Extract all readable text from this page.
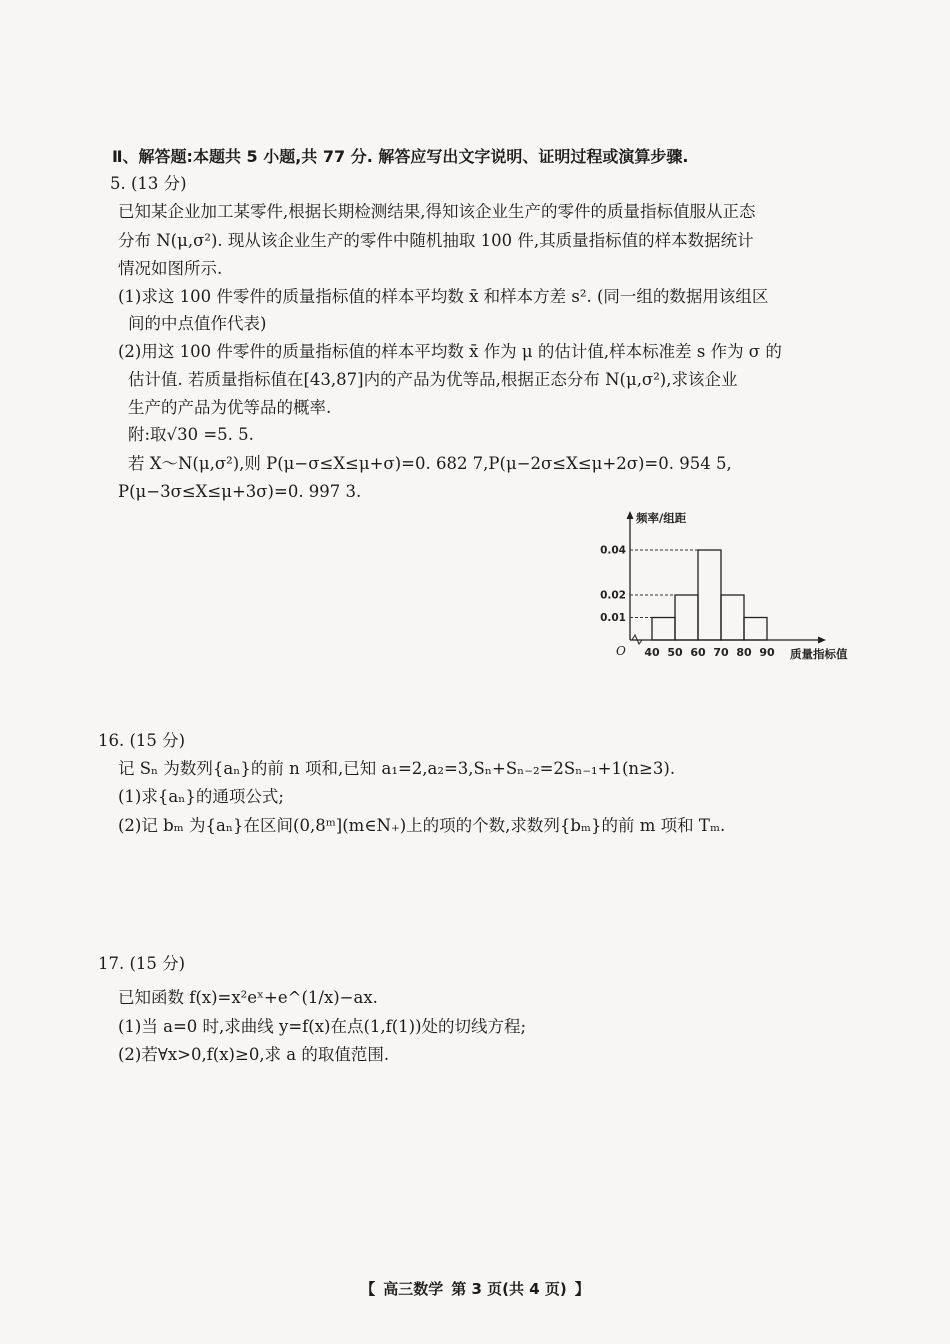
Ⅱ、解答题:本题共 5 小题,共 77 分. 解答应写出文字说明、证明过程或演算步骤.
5. (13 分)
已知某企业加工某零件,根据长期检测结果,得知该企业生产的零件的质量指标值服从正态
分布 N(μ,σ²). 现从该企业生产的零件中随机抽取 100 件,其质量指标值的样本数据统计
情况如图所示.
(1)求这 100 件零件的质量指标值的样本平均数 x̄ 和样本方差 s². (同一组的数据用该组区
间的中点值作代表)
(2)用这 100 件零件的质量指标值的样本平均数 x̄ 作为 μ 的估计值,样本标准差 s 作为 σ 的
估计值. 若质量指标值在[43,87]内的产品为优等品,根据正态分布 N(μ,σ²),求该企业
生产的产品为优等品的概率.
附:取√30 =5. 5.
若 X～N(μ,σ²),则 P(μ−σ≤X≤μ+σ)=0. 682 7,P(μ−2σ≤X≤μ+2σ)=0. 954 5,
P(μ−3σ≤X≤μ+3σ)=0. 997 3.
0.01
0.02
0.04
40 50 60 70 80 90
O
频率/组距
质量指标值
16. (15 分)
记 Sₙ 为数列{aₙ}的前 n 项和,已知 a₁=2,a₂=3,Sₙ+Sₙ₋₂=2Sₙ₋₁+1(n≥3).
(1)求{aₙ}的通项公式;
(2)记 bₘ 为{aₙ}在区间(0,8ᵐ](m∈N₊)上的项的个数,求数列{bₘ}的前 m 项和 Tₘ.
17. (15 分)
已知函数 f(x)=x²eˣ+e^(1/x)−ax.
(1)当 a=0 时,求曲线 y=f(x)在点(1,f(1))处的切线方程;
(2)若∀x>0,f(x)≥0,求 a 的取值范围.
【 高三数学 第 3 页(共 4 页) 】
